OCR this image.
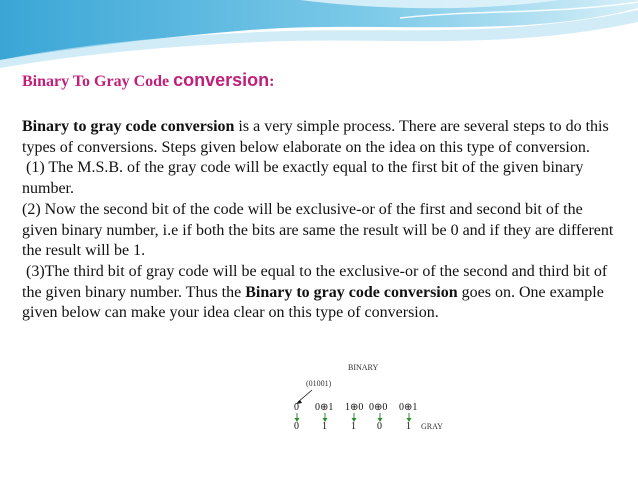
Binary To Gray Code conversion:

Binary to gray code conversion is a very simple process. There are several steps to do this types of conversions. Steps given below elaborate on the idea on this type of conversion.

(1) The M.S.B. of the gray code will be exactly equal to the first bit of the given binary number.

(2) Now the second bit of the code will be exclusive-or of the first and second bit of the given binary number, i.e if both the bits are same the result will be 0 and if they are different the result will be 1.

(3)The third bit of gray code will be equal to the exclusive-or of the second and third bit of the given binary number. Thus the Binary to gray code conversion goes on. One example given below can make your idea clear on this type of conversion.

BINARY
(01001)
0 0⊕1 1⊕0 0⊕0 0⊕1
0 1 1 0 1 GRAY
